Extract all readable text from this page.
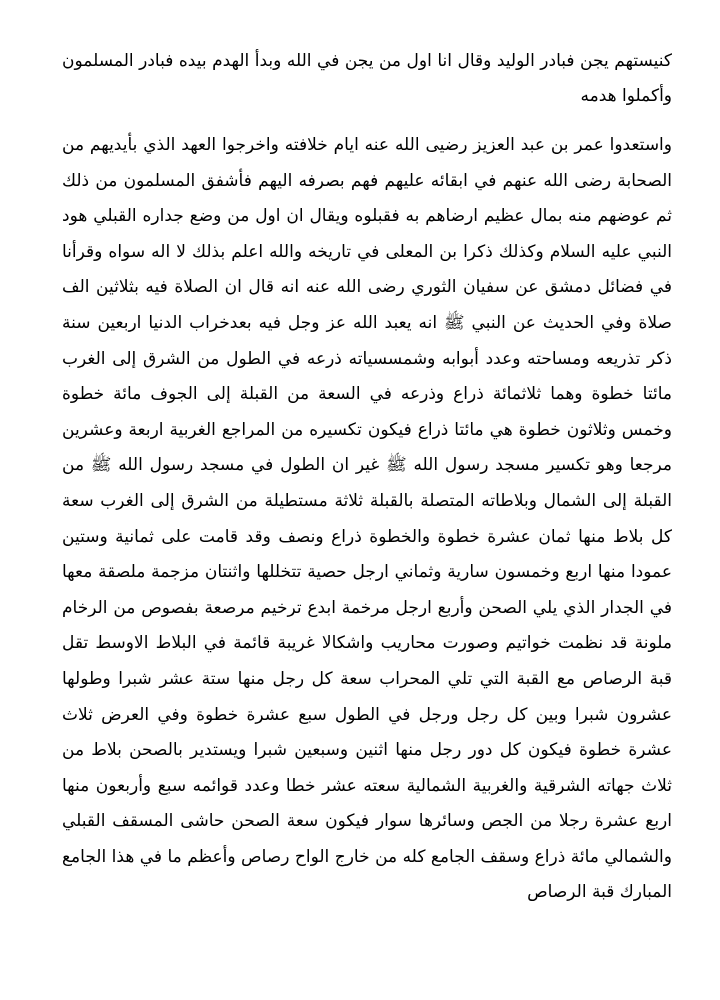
كنيستهم يجن فبادر الوليد وقال انا اول من يجن في الله وبدأ الهدم بيده فبادر المسلمون وأكملوا هدمه

واستعدوا عمر بن عبد العزيز رضيى الله عنه ايام خلافته واخرجوا العهد الذي بأيديهم من الصحابة رضى الله عنهم في ابقائه عليهم فهم بصرفه اليهم فأشفق المسلمون من ذلك ثم عوضهم منه بمال عظيم ارضاهم به فقبلوه ويقال ان اول من وضع جداره القبلي هود النبي عليه السلام وكذلك ذكرا بن المعلى في تاريخه والله اعلم بذلك لا اله سواه وقرأنا في فضائل دمشق عن سفيان الثوري رضى الله عنه انه قال ان الصلاة فيه بثلاثين الف صلاة وفي الحديث عن النبي ﷺ انه يعبد الله عز وجل فيه بعدخراب الدنيا اربعين سنة ذكر تذريعه ومساحته وعدد أبوابه وشمسسياته ذرعه في الطول من الشرق إلى الغرب مائتا خطوة وهما ثلاثمائة ذراع وذرعه في السعة من القبلة إلى الجوف مائة خطوة وخمس وثلاثون خطوة هي مائتا ذراع فيكون تكسيره من المراجع الغربية اربعة وعشرين مرجعا وهو تكسير مسجد رسول الله ﷺ غير ان الطول في مسجد رسول الله ﷺ من القبلة إلى الشمال وبلاطاته المتصلة بالقبلة ثلاثة مستطيلة من الشرق إلى الغرب سعة كل بلاط منها ثمان عشرة خطوة والخطوة ذراع ونصف وقد قامت على ثمانية وستين عمودا منها اربع وخمسون سارية وثماني ارجل حصية تتخللها واثنتان مزجمة ملصقة معها في الجدار الذي يلي الصحن وأربع ارجل مرخمة ابدع ترخيم مرصعة بفصوص من الرخام ملونة قد نظمت خواتيم وصورت محاريب واشكالا غريبة قائمة في البلاط الاوسط تقل قبة الرصاص مع القبة التي تلي المحراب سعة كل رجل منها ستة عشر شبرا وطولها عشرون شبرا وبين كل رجل ورجل في الطول سبع عشرة خطوة وفي العرض ثلاث عشرة خطوة فيكون كل دور رجل منها اثنين وسبعين شبرا ويستدير بالصحن بلاط من ثلاث جهاته الشرقية والغربية الشمالية سعته عشر خطا وعدد قوائمه سبع وأربعون منها اربع عشرة رجلا من الجص وسائرها سوار فيكون سعة الصحن حاشى المسقف القبلي والشمالي مائة ذراع وسقف الجامع كله من خارج الواح رصاص وأعظم ما في هذا الجامع المبارك قبة الرصاص
